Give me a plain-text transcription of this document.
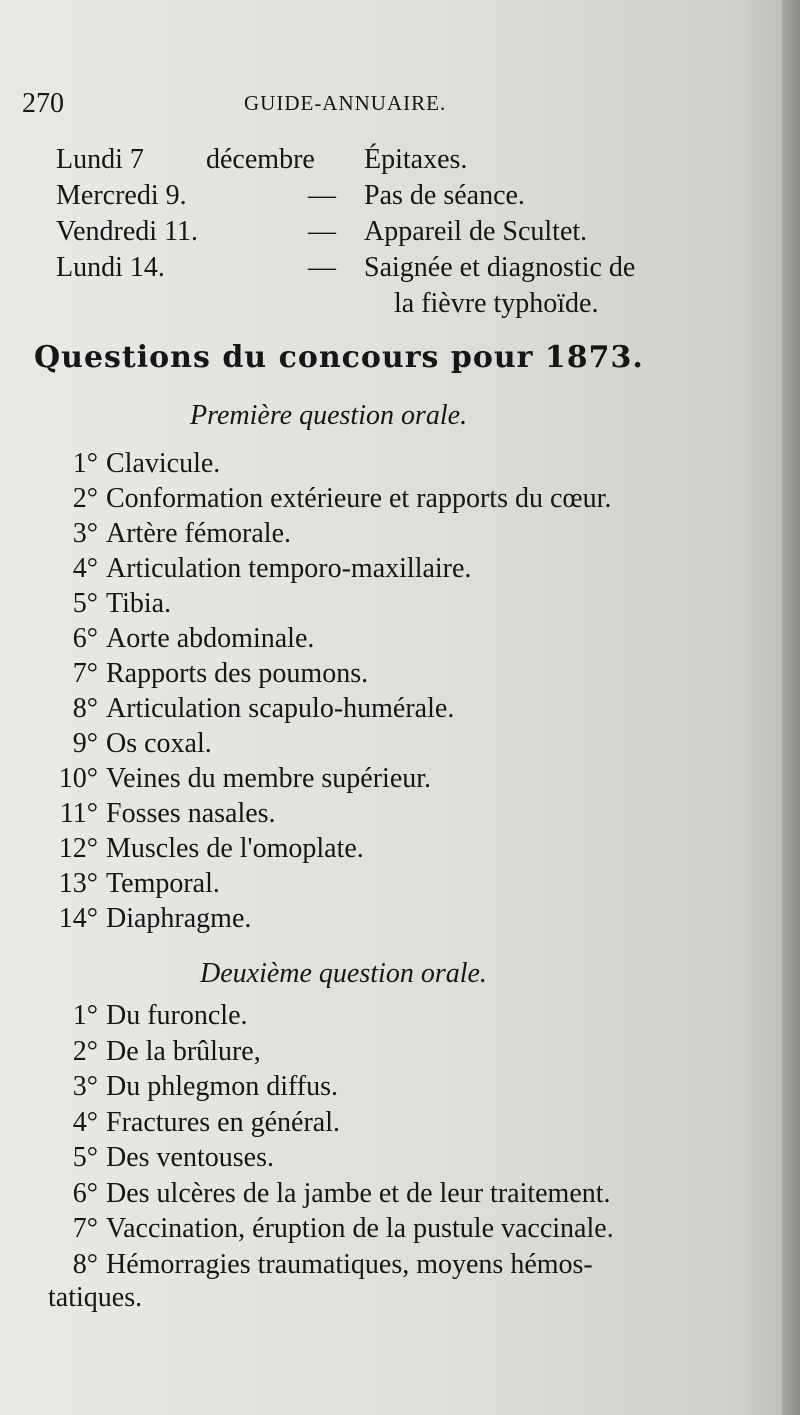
270	GUIDE-ANNUAIRE.
Lundi 7 décembre Épitaxes.
Mercredi 9.	—	Pas de séance.
Vendredi 11.	—	Appareil de Scultet.
Lundi 14.	—	Saignée et diagnostic de
la fièvre typhoïde.
Questions du concours pour 1873.
Première question orale.
1° Clavicule.
2° Conformation extérieure et rapports du cœur.
3° Artère fémorale.
4° Articulation temporo-maxillaire.
5° Tibia.
6° Aorte abdominale.
7° Rapports des poumons.
8° Articulation scapulo-humérale.
9° Os coxal.
10° Veines du membre supérieur.
11° Fosses nasales.
12° Muscles de l'omoplate.
13° Temporal.
14° Diaphragme.
Deuxième question orale.
1° Du furoncle.
2° De la brûlure,
3° Du phlegmon diffus.
4° Fractures en général.
5° Des ventouses.
6° Des ulcères de la jambe et de leur traitement.
7° Vaccination, éruption de la pustule vaccinale.
8° Hémorragies traumatiques, moyens hémos-
tatiques.
